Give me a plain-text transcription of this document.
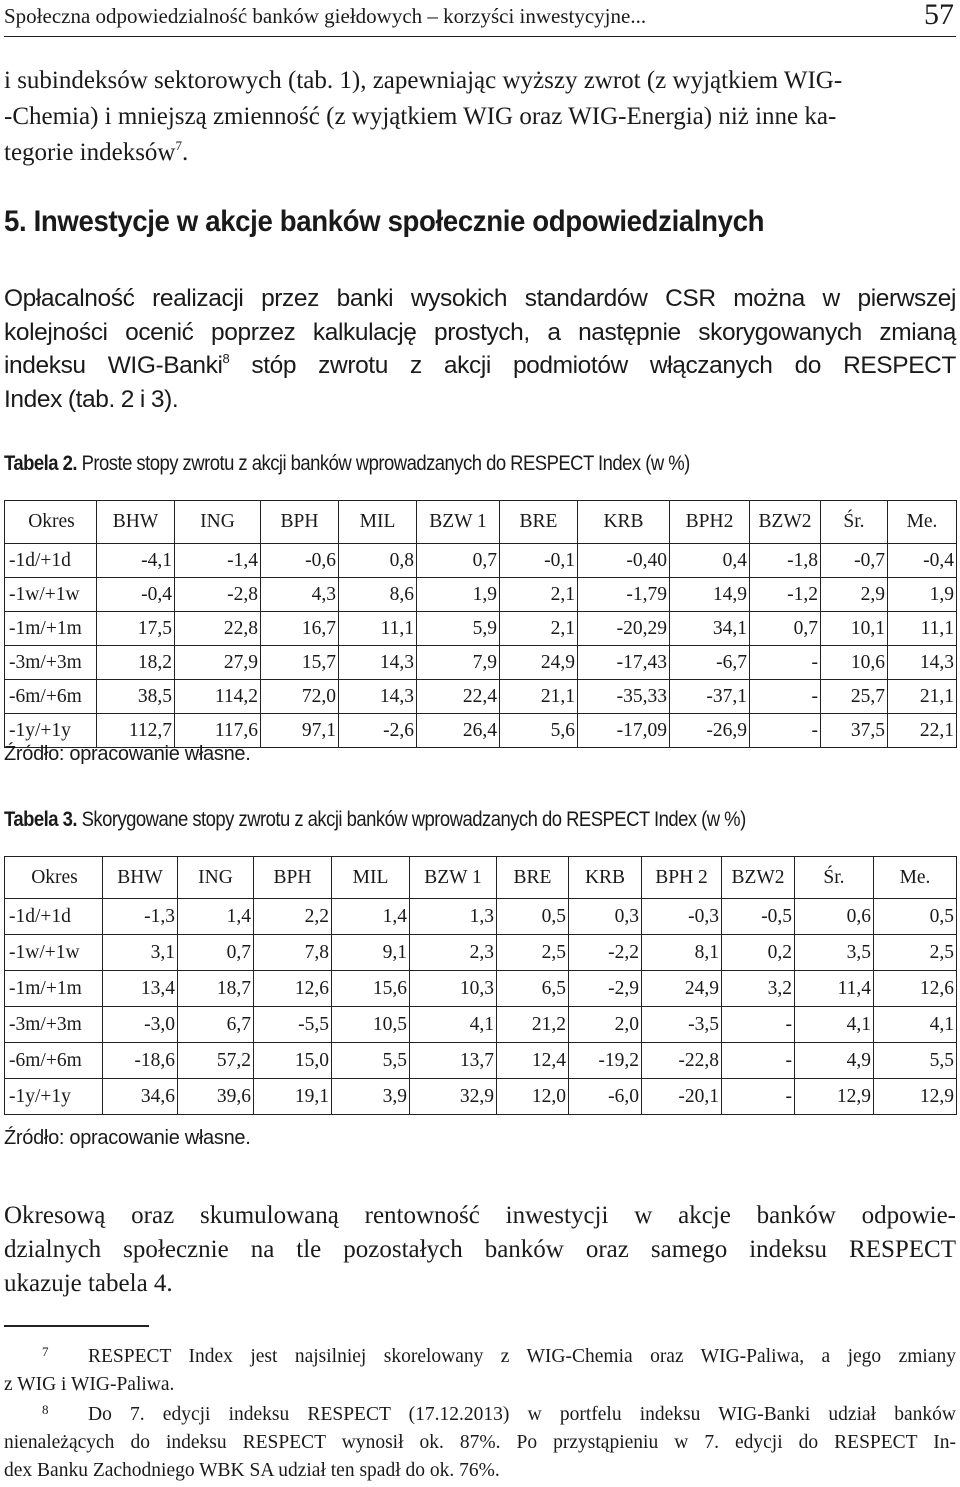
Społeczna odpowiedzialność banków giełdowych – korzyści inwestycyjne...	57

i subindeksów sektorowych (tab. 1), zapewniając wyższy zwrot (z wyjątkiem WIG-
-Chemia) i mniejszą zmienność (z wyjątkiem WIG oraz WIG-Energia) niż inne ka-
tegorie indeksów$^7$.

5. Inwestycje w akcje banków społecznie odpowiedzialnych

Opłacalność realizacji przez banki wysokich standardów CSR można w pierwszej
kolejności ocenić poprzez kalkulację prostych, a następnie skorygowanych zmianą
indeksu WIG-Banki$^8$ stóp zwrotu z akcji podmiotów włączanych do RESPECT
Index (tab. 2 i 3).

Tabela 2. Proste stopy zwrotu z akcji banków wprowadzanych do RESPECT Index (w %)

Okres	BHW	ING	BPH	MIL	BZW 1	BRE	KRB	BPH2	BZW2	Śr.	Me.
-1d/+1d	-4,1	-1,4	-0,6	0,8	0,7	-0,1	-0,40	0,4	-1,8	-0,7	-0,4
-1w/+1w	-0,4	-2,8	4,3	8,6	1,9	2,1	-1,79	14,9	-1,2	2,9	1,9
-1m/+1m	17,5	22,8	16,7	11,1	5,9	2,1	-20,29	34,1	0,7	10,1	11,1
-3m/+3m	18,2	27,9	15,7	14,3	7,9	24,9	-17,43	-6,7	-	10,6	14,3
-6m/+6m	38,5	114,2	72,0	14,3	22,4	21,1	-35,33	-37,1	-	25,7	21,1
-1y/+1y	112,7	117,6	97,1	-2,6	26,4	5,6	-17,09	-26,9	-	37,5	22,1

Źródło: opracowanie własne.

Tabela 3. Skorygowane stopy zwrotu z akcji banków wprowadzanych do RESPECT Index (w %)

Okres	BHW	ING	BPH	MIL	BZW 1	BRE	KRB	BPH 2	BZW2	Śr.	Me.
-1d/+1d	-1,3	1,4	2,2	1,4	1,3	0,5	0,3	-0,3	-0,5	0,6	0,5
-1w/+1w	3,1	0,7	7,8	9,1	2,3	2,5	-2,2	8,1	0,2	3,5	2,5
-1m/+1m	13,4	18,7	12,6	15,6	10,3	6,5	-2,9	24,9	3,2	11,4	12,6
-3m/+3m	-3,0	6,7	-5,5	10,5	4,1	21,2	2,0	-3,5	-	4,1	4,1
-6m/+6m	-18,6	57,2	15,0	5,5	13,7	12,4	-19,2	-22,8	-	4,9	5,5
-1y/+1y	34,6	39,6	19,1	3,9	32,9	12,0	-6,0	-20,1	-	12,9	12,9

Źródło: opracowanie własne.

Okresową oraz skumulowaną rentowność inwestycji w akcje banków odpowie-
dzialnych społecznie na tle pozostałych banków oraz samego indeksu RESPECT
ukazuje tabela 4.

7 RESPECT Index jest najsilniej skorelowany z WIG-Chemia oraz WIG-Paliwa, a jego zmiany
z WIG i WIG-Paliwa.

8 Do 7. edycji indeksu RESPECT (17.12.2013) w portfelu indeksu WIG-Banki udział banków
nienależących do indeksu RESPECT wynosił ok. 87%. Po przystąpieniu w 7. edycji do RESPECT In-
dex Banku Zachodniego WBK SA udział ten spadł do ok. 76%.
